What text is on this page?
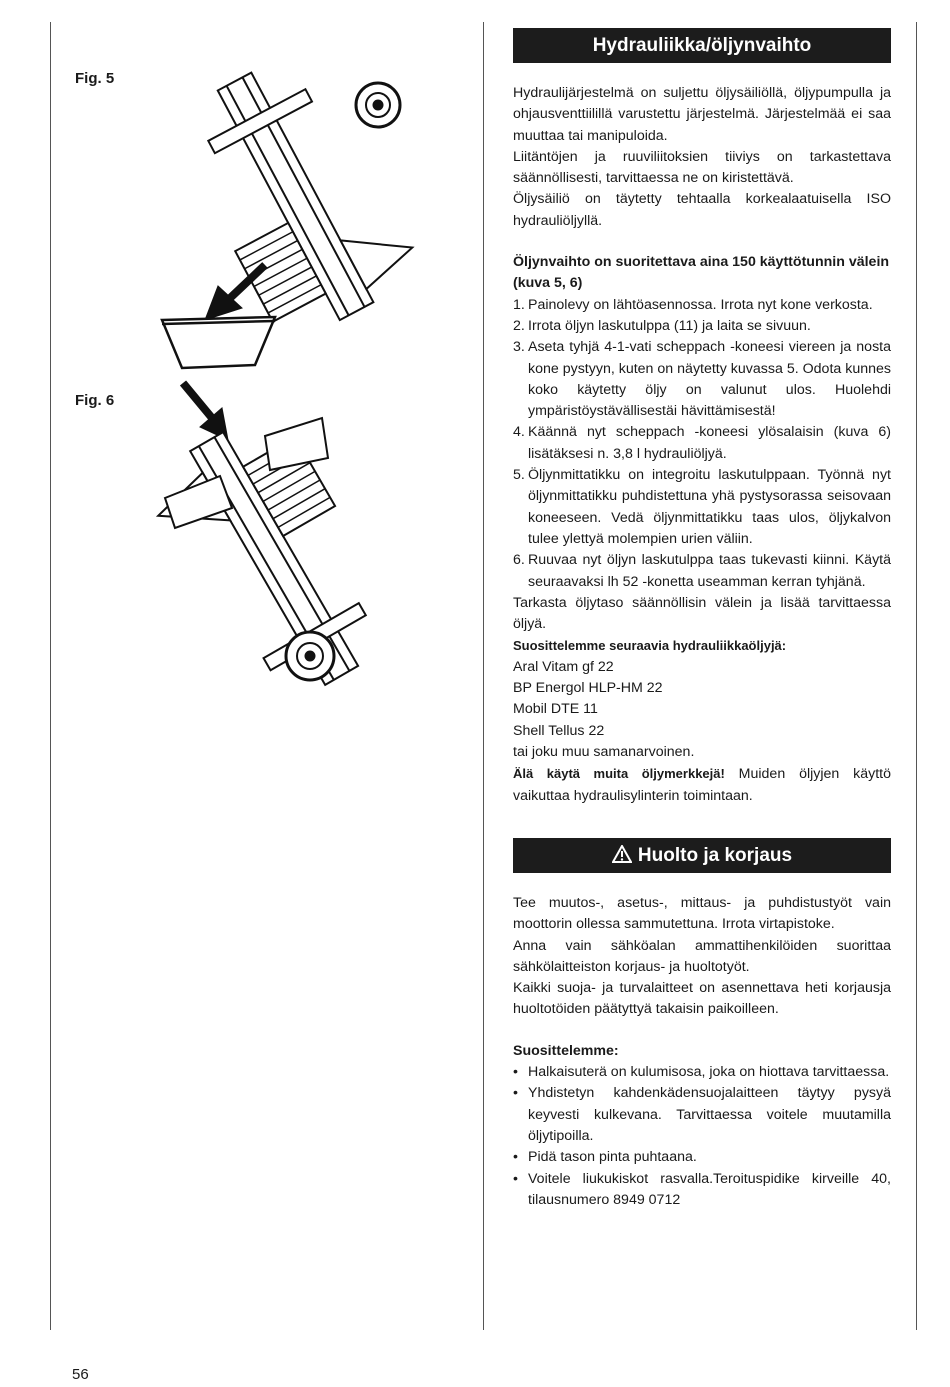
Fig. 5
Fig. 6
Hydrauliikka/öljynvaihto

Hydraulijärjestelmä on suljettu öljysäiliöllä, öljypumpulla ja ohjausventtiilillä varustettu järjestelmä. Järjestelmää ei saa muuttaa tai manipuloida.

Liitäntöjen ja ruuviliitoksien tiiviys on tarkastettava säännöllisesti, tarvittaessa ne on kiristettävä.

Öljysäiliö on täytetty tehtaalla korkealaatuisella ISO hydrauliöljyllä.

Öljynvaihto on suoritettava aina 150 käyttötunnin välein (kuva 5, 6)

1. Painolevy on lähtöasennossa. Irrota nyt kone verkosta.
2. Irrota öljyn laskutulppa (11) ja laita se sivuun.
3. Aseta tyhjä 4-1-vati scheppach -koneesi viereen ja nosta kone pystyyn, kuten on näytetty kuvassa 5. Odota kunnes koko käytetty öljy on valunut ulos. Huolehdi ympäristöystävällisestäi hävittämisestä!
4. Käännä nyt scheppach -koneesi ylösalaisin (kuva 6) lisätäksesi n. 3,8 l hydrauliöljyä.
5. Öljynmittatikku on integroitu laskutulppaan. Työnnä nyt öljynmittatikku puhdistettuna yhä pystysorassa seisovaan koneeseen. Vedä öljynmittatikku taas ulos, öljykalvon tulee ylettyä molempien urien väliin.
6. Ruuvaa nyt öljyn laskutulppa taas tukevasti kiinni. Käytä seuraavaksi lh 52 -konetta useamman kerran tyhjänä.

Tarkasta öljytaso säännöllisin välein ja lisää tarvittaessa öljyä.

Suosittelemme seuraavia hydrauliikkaöljyjä:

Aral Vitam gf 22

BP Energol HLP-HM 22

Mobil DTE 11

Shell Tellus 22

tai joku muu samanarvoinen.

Älä käytä muita öljymerkkejä! Muiden öljyjen käyttö vaikuttaa hydraulisylinterin toimintaan.

Huolto ja korjaus

Tee muutos-, asetus-, mittaus- ja puhdistustyöt vain moottorin ollessa sammutettuna. Irrota virtapistoke.

Anna vain sähköalan ammattihenkilöiden suorittaa sähkölaitteiston korjaus- ja huoltotyöt.

Kaikki suoja- ja turvalaitteet on asennettava heti korjausja huoltotöiden päätyttyä takaisin paikoilleen.

Suosittelemme:

• Halkaisuterä on kulumisosa, joka on hiottava tarvittaessa.
• Yhdistetyn kahdenkädensuojalaitteen täytyy pysyä keyvesti kulkevana. Tarvittaessa voitele muutamilla öljytipoilla.
• Pidä tason pinta puhtaana.
• Voitele liukukiskot rasvalla.Teroituspidike kirveille 40, tilausnumero 8949 0712
56
